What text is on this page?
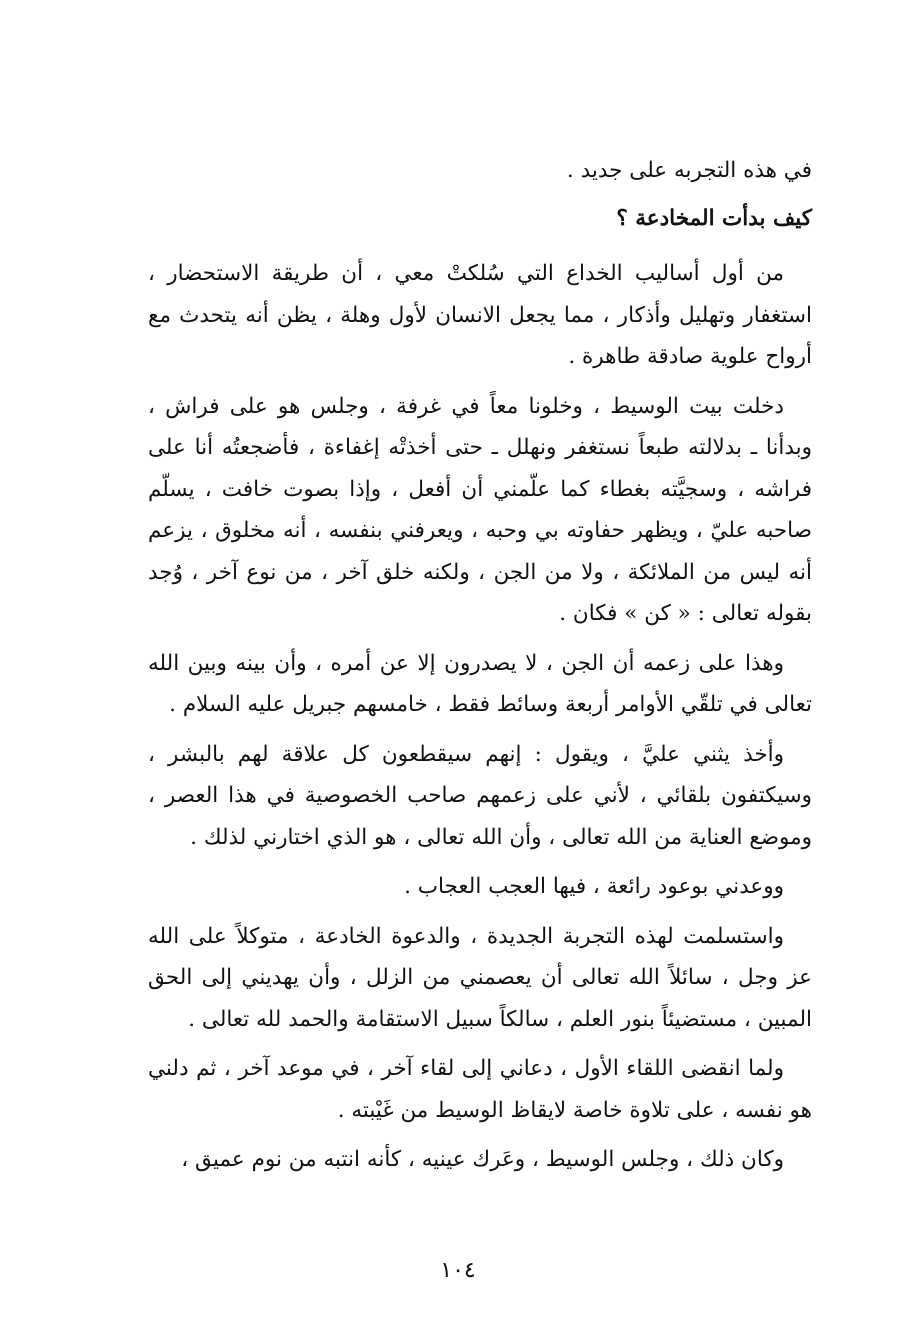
في هذه التجربه على جديد .

كيف بدأت المخادعة ؟

من أول أساليب الخداع التي سُلكتْ معي ، أن طريقة الاستحضار ، استغفار وتهليل وأذكار ، مما يجعل الانسان لأول وهلة ، يظن أنه يتحدث مع أرواح علوية صادقة طاهرة .

دخلت بيت الوسيط ، وخلونا معاً في غرفة ، وجلس هو على فراش ، وبدأنا ـ بدلالته طبعاً نستغفر ونهلل ـ حتى أخذتْه إغفاءة ، فأضجعتُه أنا على فراشه ، وسجيَّته بغطاء كما علّمني أن أفعل ، وإذا بصوت خافت ، يسلّم صاحبه عليّ ، ويظهر حفاوته بي وحبه ، ويعرفني بنفسه ، أنه مخلوق ، يزعم أنه ليس من الملائكة ، ولا من الجن ، ولكنه خلق آخر ، من نوع آخر ، وُجد بقوله تعالى : « كن » فكان .

وهذا على زعمه أن الجن ، لا يصدرون إلا عن أمره ، وأن بينه وبين الله تعالى في تلقّي الأوامر أربعة وسائط فقط ، خامسهم جبريل عليه السلام .

وأخذ يثني عليَّ ، ويقول : إنهم سيقطعون كل علاقة لهم بالبشر ، وسيكتفون بلقائي ، لأني على زعمهم صاحب الخصوصية في هذا العصر ، وموضع العناية من الله تعالى ، وأن الله تعالى ، هو الذي اختارني لذلك .

ووعدني بوعود رائعة ، فيها العجب العجاب .

واستسلمت لهذه التجربة الجديدة ، والدعوة الخادعة ، متوكلاً على الله عز وجل ، سائلاً الله تعالى أن يعصمني من الزلل ، وأن يهديني إلى الحق المبين ، مستضيئاً بنور العلم ، سالكاً سبيل الاستقامة والحمد لله تعالى .

ولما انقضى اللقاء الأول ، دعاني إلى لقاء آخر ، في موعد آخر ، ثم دلني هو نفسه ، على تلاوة خاصة لايقاظ الوسيط من غَيْبته .

وكان ذلك ، وجلس الوسيط ، وعَرك عينيه ، كأنه انتبه من نوم عميق ،

١٠٤
